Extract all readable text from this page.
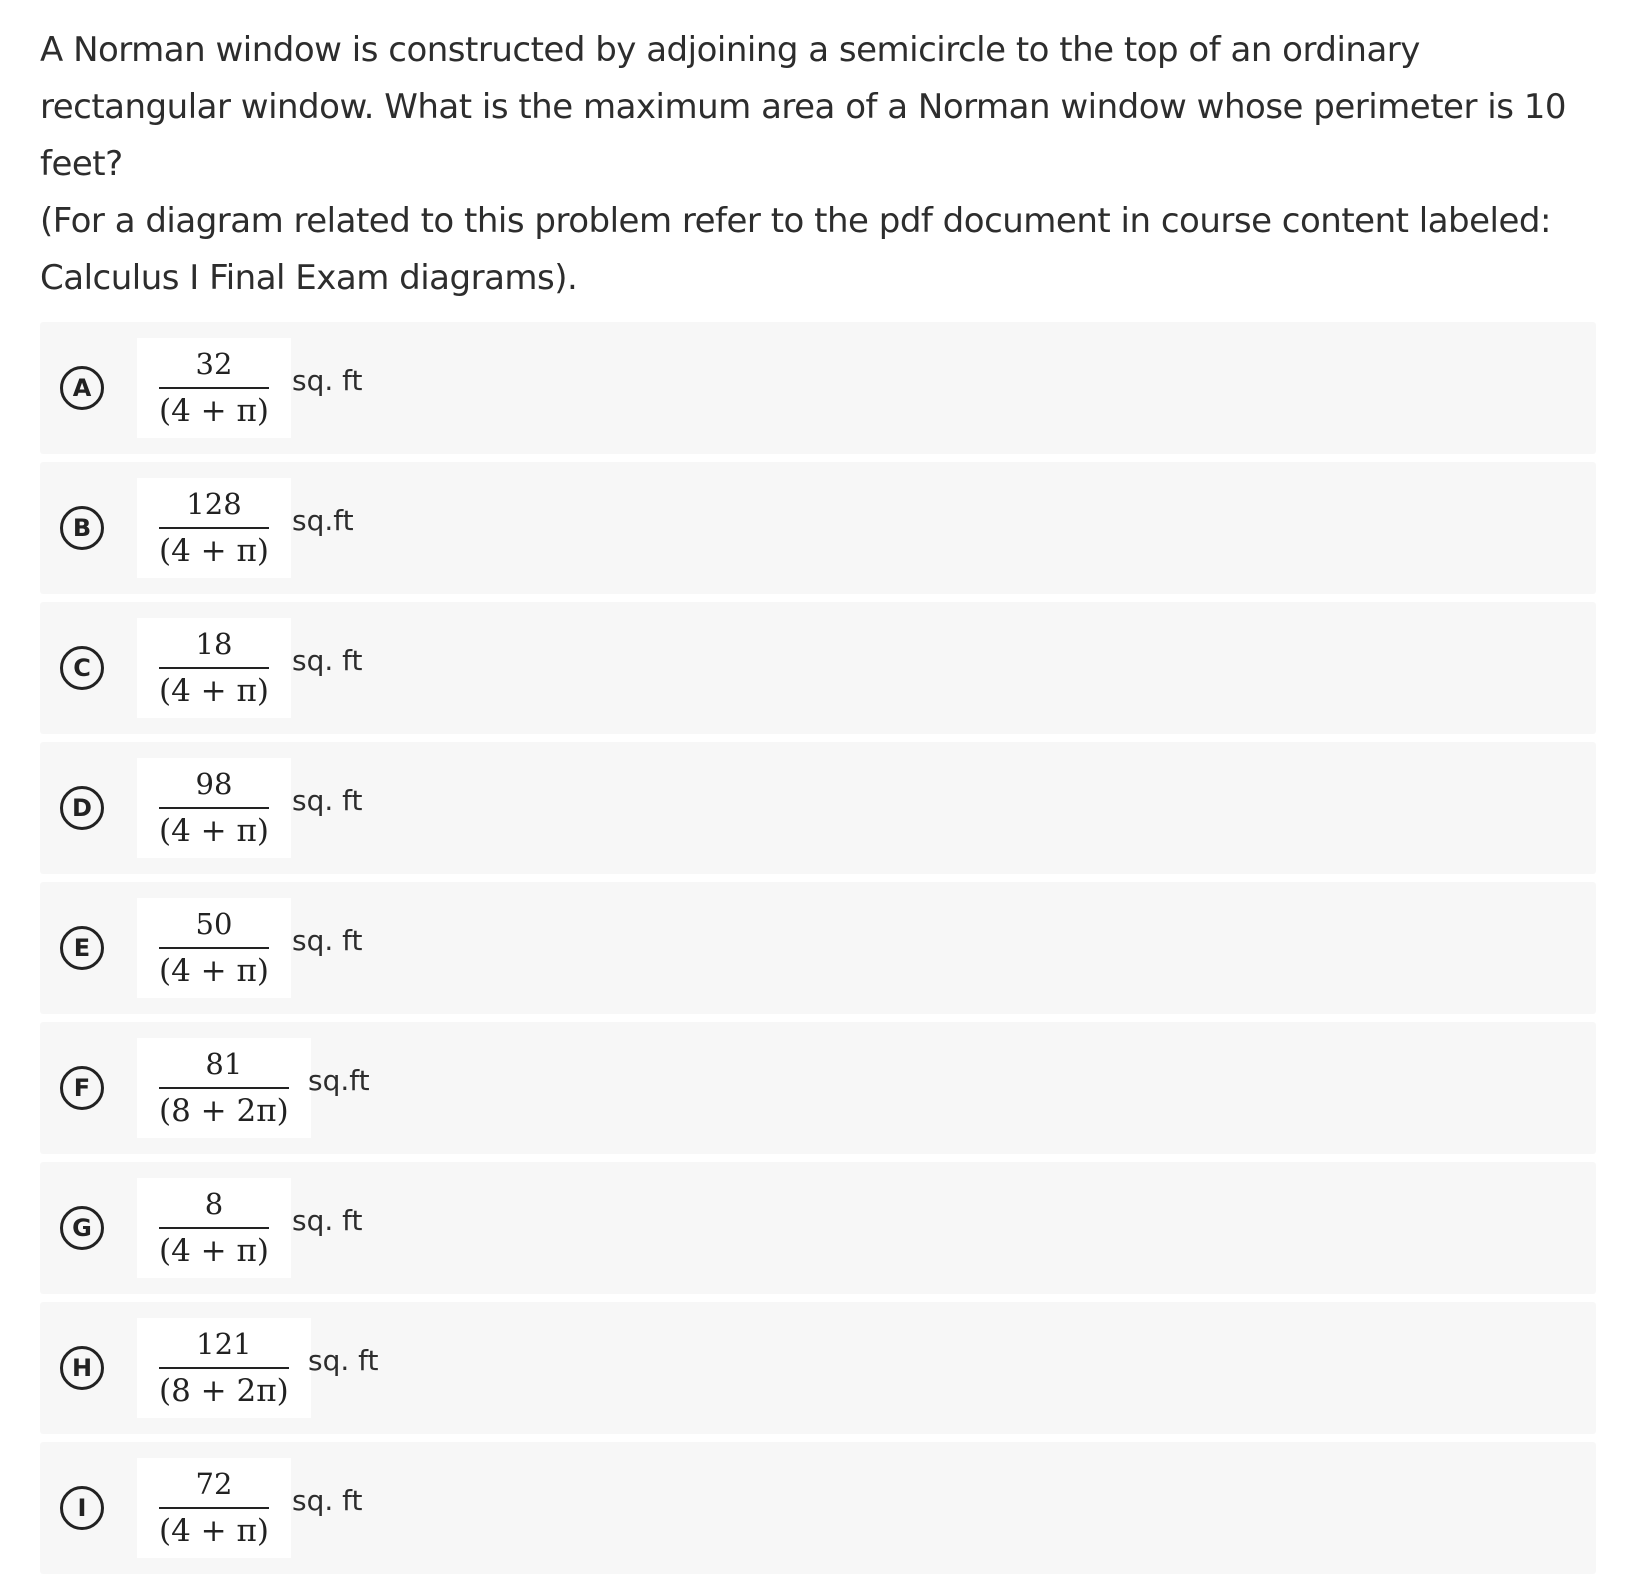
A Norman window is constructed by adjoining a semicircle to the top of an ordinary rectangular window. What is the maximum area of a Norman window whose perimeter is 10 feet?

(For a diagram related to this problem refer to the pdf document in course content labeled: Calculus I Final Exam diagrams).

A	$\frac{32}{(4 + \pi)}$ sq. ft
B	$\frac{128}{(4 + \pi)} sq.ft$
C	$\frac{18}{(4 + \pi)}$ sq. ft
D	$\frac{98}{(4 + \pi)}$ sq. ft
E	$\frac{50}{(4 + \pi)}$ sq. ft
F	$\frac{81}{(8 + 2\pi)} sq.ft$
G	$\frac{8}{(4 + \pi)}$ sq. ft
H	$\frac{121}{(8 + 2\pi)}$ sq. ft
I	$\frac{72}{(4 + \pi)}$ sq. ft
